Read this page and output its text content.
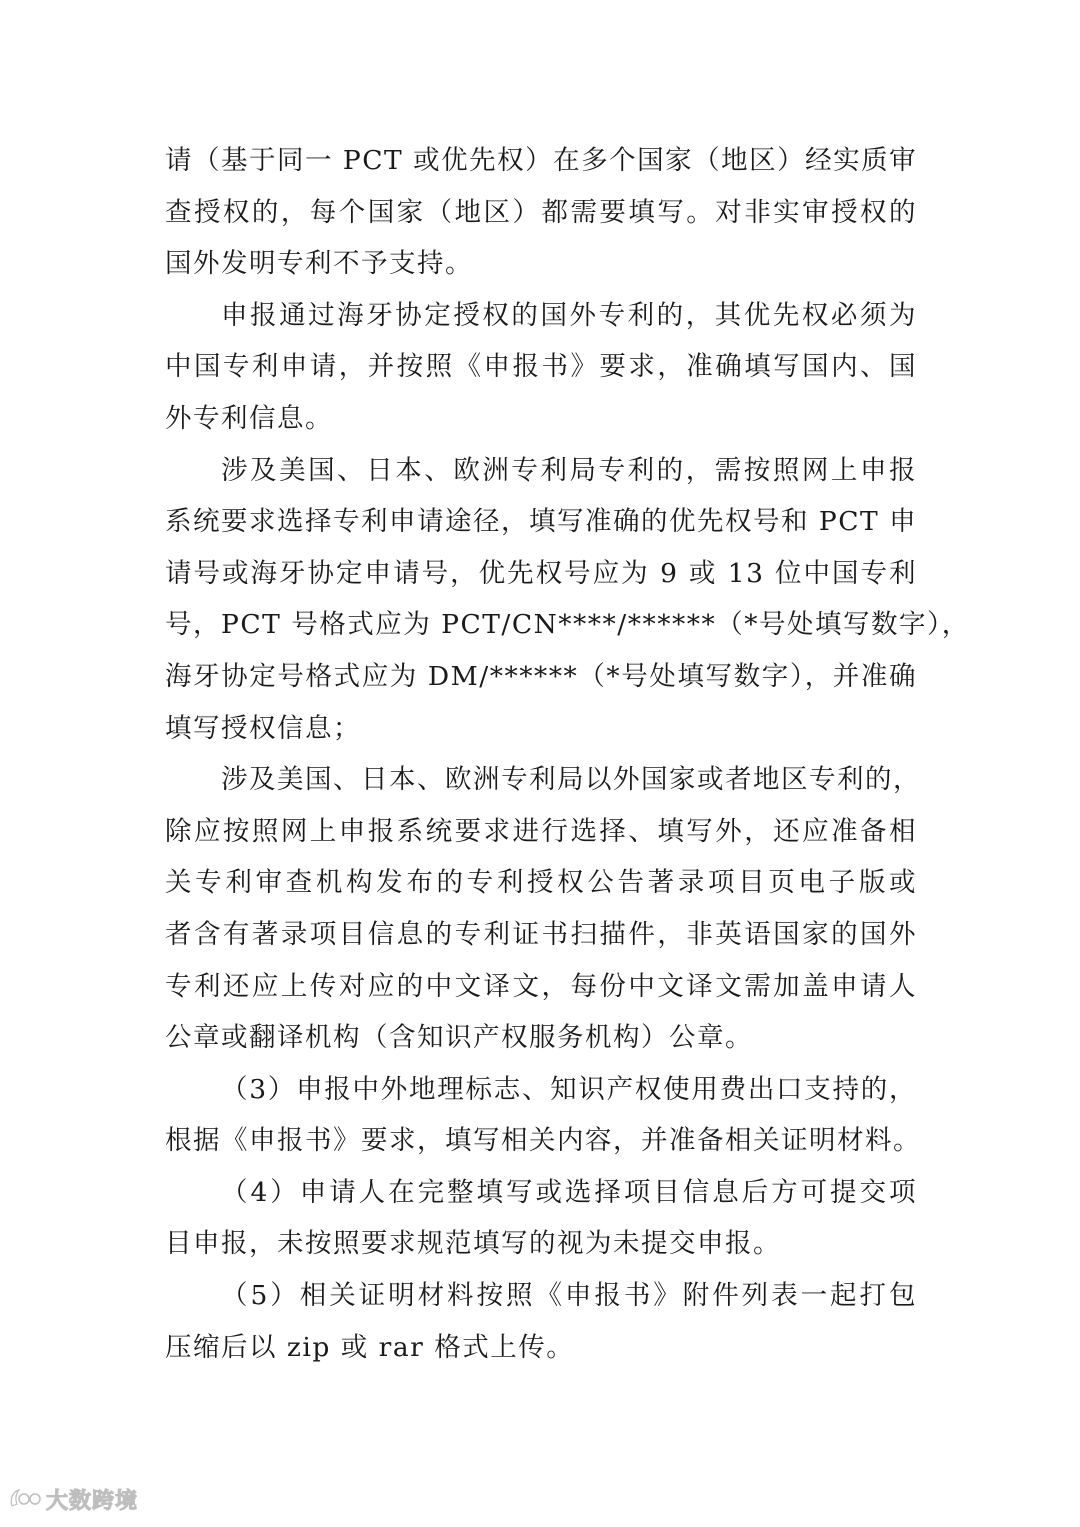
请（基于同一 PCT 或优先权）在多个国家（地区）经实质审
查授权的，每个国家（地区）都需要填写。对非实审授权的
国外发明专利不予支持。
申报通过海牙协定授权的国外专利的，其优先权必须为
中国专利申请，并按照《申报书》要求，准确填写国内、国
外专利信息。
涉及美国、日本、欧洲专利局专利的，需按照网上申报
系统要求选择专利申请途径，填写准确的优先权号和 PCT 申
请号或海牙协定申请号，优先权号应为 9 或 13 位中国专利
号，PCT 号格式应为 PCT/CN****/******（*号处填写数字），
海牙协定号格式应为 DM/******（*号处填写数字），并准确
填写授权信息；
涉及美国、日本、欧洲专利局以外国家或者地区专利的，
除应按照网上申报系统要求进行选择、填写外，还应准备相
关专利审查机构发布的专利授权公告著录项目页电子版或
者含有著录项目信息的专利证书扫描件，非英语国家的国外
专利还应上传对应的中文译文，每份中文译文需加盖申请人
公章或翻译机构（含知识产权服务机构）公章。
（3）申报中外地理标志、知识产权使用费出口支持的，
根据《申报书》要求，填写相关内容，并准备相关证明材料。
（4）申请人在完整填写或选择项目信息后方可提交项
目申报，未按照要求规范填写的视为未提交申报。
（5）相关证明材料按照《申报书》附件列表一起打包
压缩后以 zip 或 rar 格式上传。
大数跨境
